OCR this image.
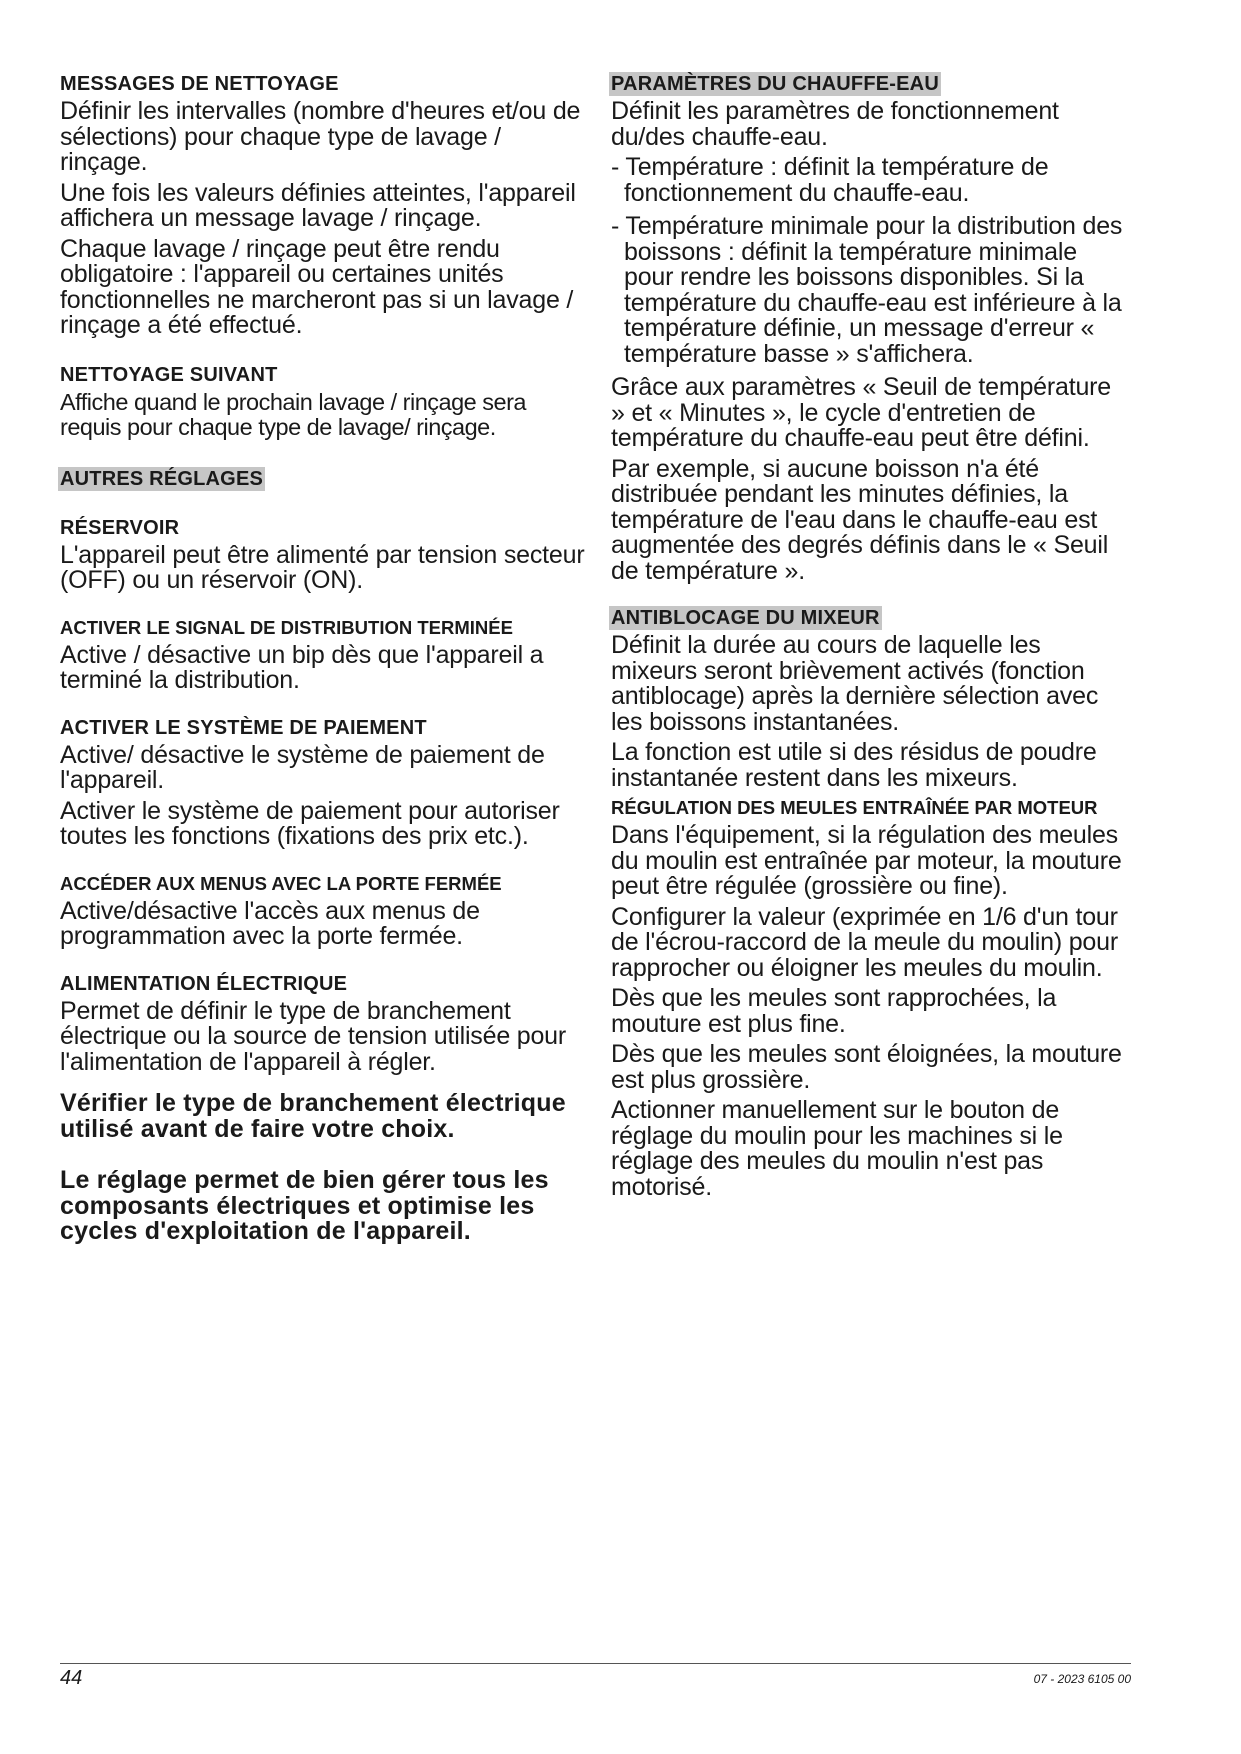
MESSAGES DE NETTOYAGE

Définir les intervalles (nombre d'heures et/ou de sélections) pour chaque type de lavage / rinçage.

Une fois les valeurs définies atteintes, l'appareil affichera un message lavage / rinçage.

Chaque lavage / rinçage peut être rendu obligatoire : l'appareil ou certaines unités fonctionnelles ne marcheront pas si un lavage / rinçage a été effectué.

NETTOYAGE SUIVANT

Affiche quand le prochain lavage / rinçage sera requis pour chaque type de lavage/ rinçage.

AUTRES RÉGLAGES
RÉSERVOIR

L'appareil peut être alimenté par tension secteur (OFF) ou un réservoir (ON).

ACTIVER LE SIGNAL DE DISTRIBUTION TERMINÉE

Active / désactive un bip dès que l'appareil a terminé la distribution.

ACTIVER LE SYSTÈME DE PAIEMENT

Active/ désactive le système de paiement de l'appareil.

Activer le système de paiement pour autoriser toutes les fonctions (fixations des prix etc.).

ACCÉDER AUX MENUS AVEC LA PORTE FERMÉE

Active/désactive l'accès aux menus de programmation avec la porte fermée.

ALIMENTATION ÉLECTRIQUE

Permet de définir le type de branchement électrique ou la source de tension utilisée pour l'alimentation de l'appareil à régler.

Vérifier le type de branchement électrique utilisé avant de faire votre choix.

Le réglage permet de bien gérer tous les composants électriques et optimise les cycles d'exploitation de l'appareil.

PARAMÈTRES DU CHAUFFE-EAU

Définit les paramètres de fonctionnement du/des chauffe-eau.

- Température : définit la température de fonctionnement du chauffe-eau.

- Température minimale pour la distribution des boissons : définit la température minimale pour rendre les boissons disponibles. Si la température du chauffe-eau est inférieure à la température définie, un message d'erreur « température basse » s'affichera.

Grâce aux paramètres « Seuil de température » et « Minutes », le cycle d'entretien de température du chauffe-eau peut être défini.

Par exemple, si aucune boisson n'a été distribuée pendant les minutes définies, la température de l'eau dans le chauffe-eau est augmentée des degrés définis dans le « Seuil de température ».

ANTIBLOCAGE DU MIXEUR

Définit la durée au cours de laquelle les mixeurs seront brièvement activés (fonction antiblocage) après la dernière sélection avec les boissons instantanées.

La fonction est utile si des résidus de poudre instantanée restent dans les mixeurs.

RÉGULATION DES MEULES ENTRAÎNÉE PAR MOTEUR

Dans l'équipement, si la régulation des meules du moulin est entraînée par moteur, la mouture peut être régulée (grossière ou fine).

Configurer la valeur (exprimée en 1/6 d'un tour de l'écrou-raccord de la meule du moulin) pour rapprocher ou éloigner les meules du moulin.

Dès que les meules sont rapprochées, la mouture est plus fine.

Dès que les meules sont éloignées, la mouture est plus grossière.

Actionner manuellement sur le bouton de réglage du moulin pour les machines si le réglage des meules du moulin n'est pas motorisé.

44	07 - 2023 6105 00
